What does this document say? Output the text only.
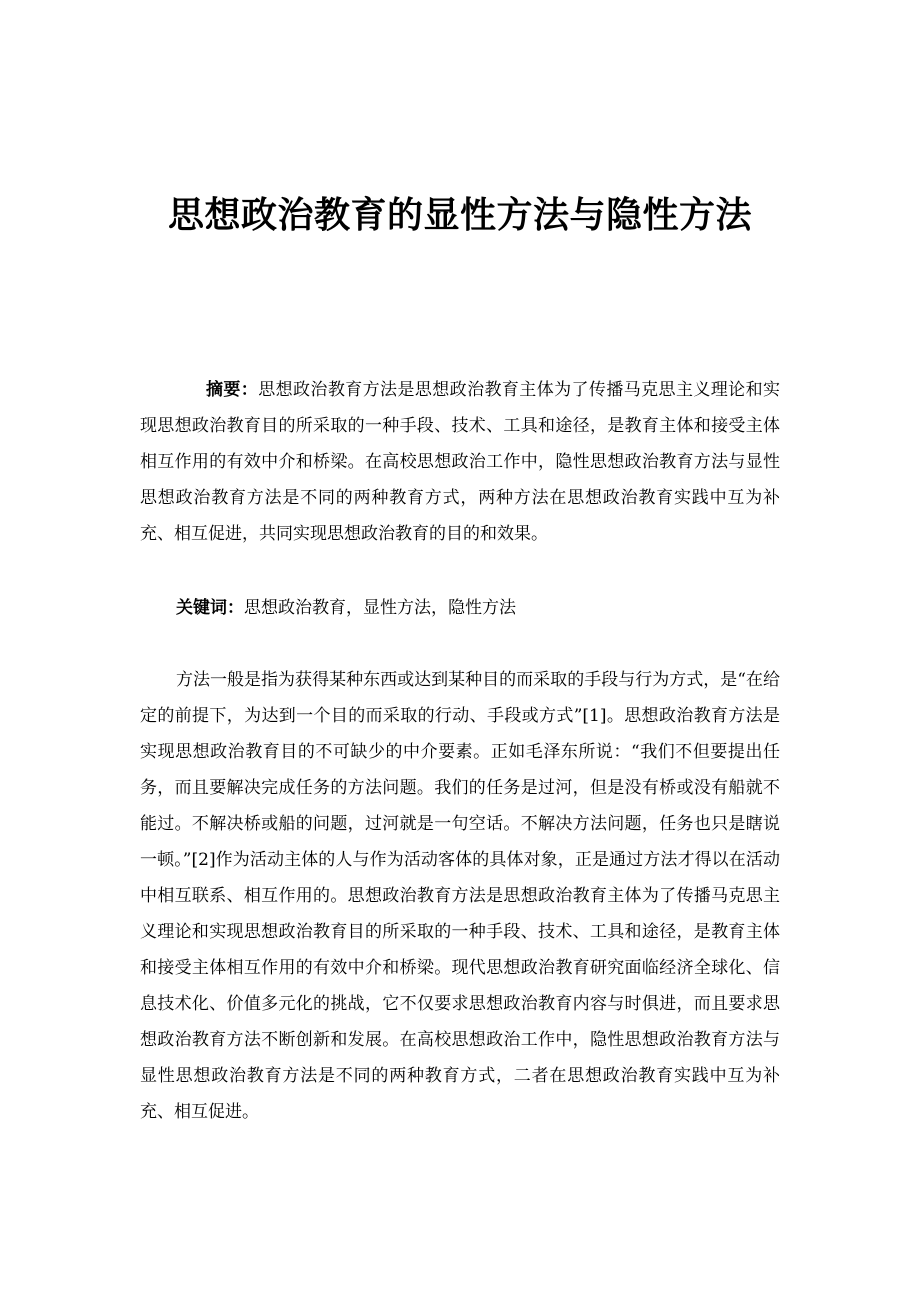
思想政治教育的显性方法与隐性方法

摘要：思想政治教育方法是思想政治教育主体为了传播马克思主义理论和实现思想政治教育目的所采取的一种手段、技术、工具和途径，是教育主体和接受主体相互作用的有效中介和桥梁。在高校思想政治工作中，隐性思想政治教育方法与显性思想政治教育方法是不同的两种教育方式，两种方法在思想政治教育实践中互为补充、相互促进，共同实现思想政治教育的目的和效果。

关键词：思想政治教育，显性方法，隐性方法

方法一般是指为获得某种东西或达到某种目的而采取的手段与行为方式，是“在给定的前提下，为达到一个目的而采取的行动、手段或方式”[1]。思想政治教育方法是实现思想政治教育目的不可缺少的中介要素。正如毛泽东所说：“我们不但要提出任务，而且要解决完成任务的方法问题。我们的任务是过河，但是没有桥或没有船就不能过。不解决桥或船的问题，过河就是一句空话。不解决方法问题，任务也只是瞎说一顿。”[2]作为活动主体的人与作为活动客体的具体对象，正是通过方法才得以在活动中相互联系、相互作用的。思想政治教育方法是思想政治教育主体为了传播马克思主义理论和实现思想政治教育目的所采取的一种手段、技术、工具和途径，是教育主体和接受主体相互作用的有效中介和桥梁。现代思想政治教育研究面临经济全球化、信息技术化、价值多元化的挑战，它不仅要求思想政治教育内容与时俱进，而且要求思想政治教育方法不断创新和发展。在高校思想政治工作中，隐性思想政治教育方法与显性思想政治教育方法是不同的两种教育方式，二者在思想政治教育实践中互为补充、相互促进。
